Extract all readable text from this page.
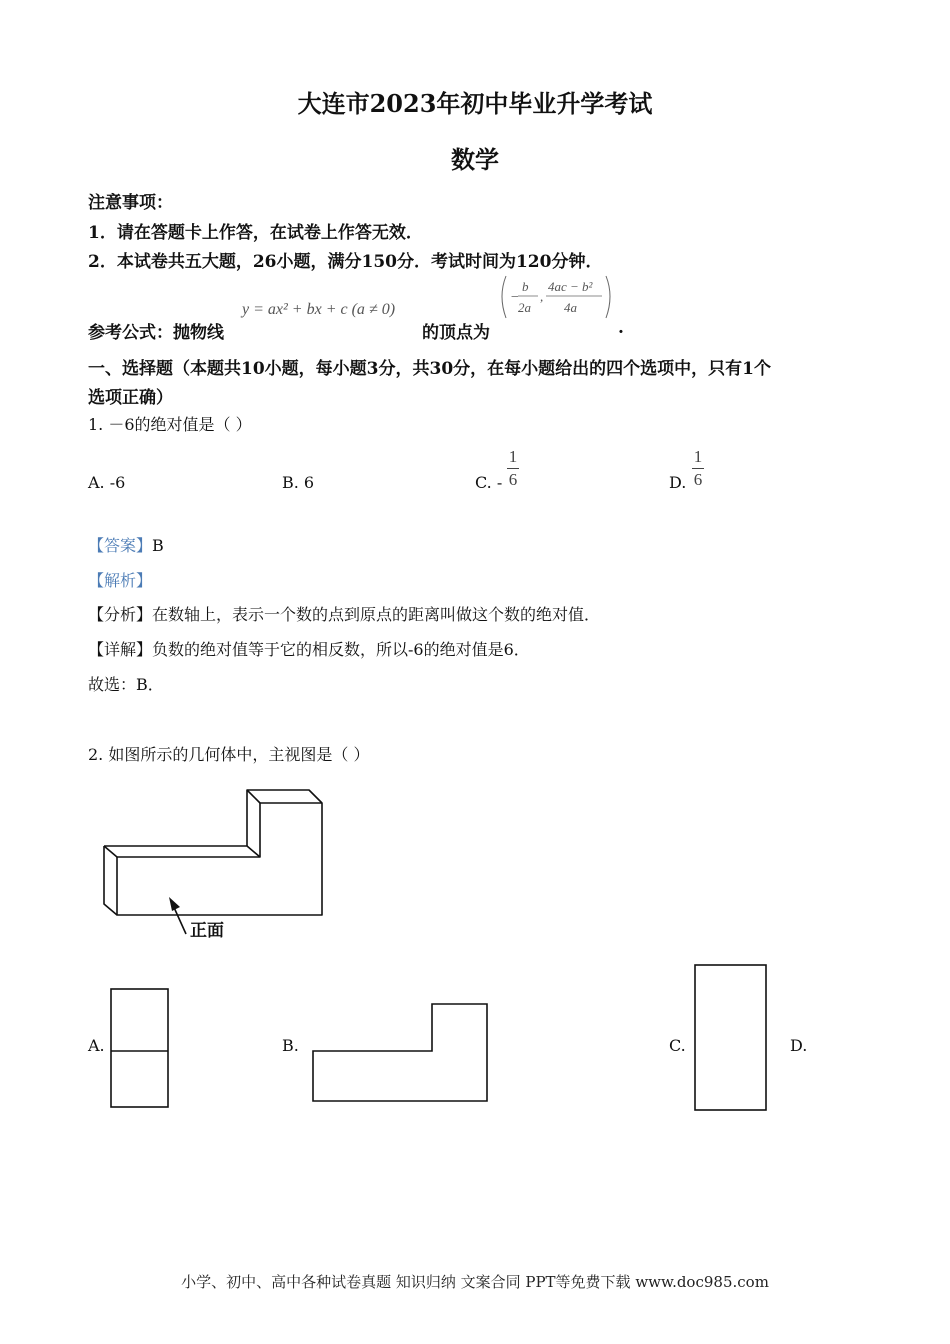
大连市2023年初中毕业升学考试
数学
注意事项：
1．请在答题卡上作答，在试卷上作答无效．
2．本试卷共五大题，26小题，满分150分．考试时间为120分钟．
参考公式：抛物线
y = ax² + bx + c (a ≠ 0)
的顶点为
−
b
2a
,
4ac − b²
4a
.
一、选择题（本题共10小题，每小题3分，共30分，在每小题给出的四个选项中，只有1个
选项正确）
1. －6的绝对值是（ ）
A. -6	B. 6	C. -
1
6	D.
1
6
【答案】B
【解析】
【分析】在数轴上，表示一个数的点到原点的距离叫做这个数的绝对值．
【详解】负数的绝对值等于它的相反数，所以-6的绝对值是6．
故选：B．
2. 如图所示的几何体中，主视图是（ ）
正面
A.	B.	C.	D.
小学、初中、高中各种试卷真题 知识归纳 文案合同 PPT等免费下载 www.doc985.com
